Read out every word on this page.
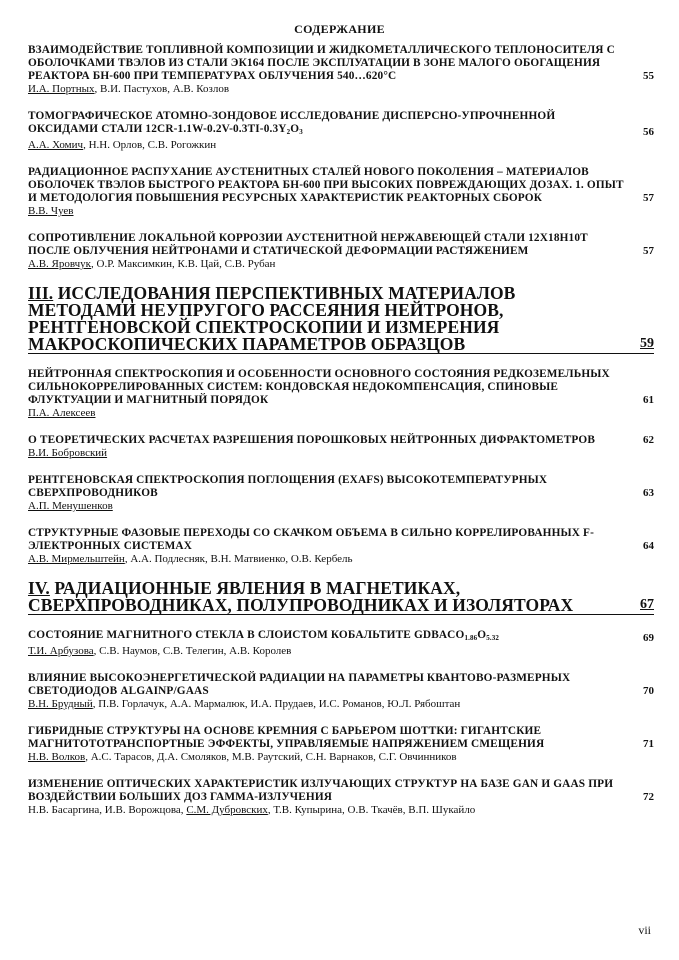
СОДЕРЖАНИЕ
ВЗАИМОДЕЙСТВИЕ ТОПЛИВНОЙ КОМПОЗИЦИИ И ЖИДКОМЕТАЛЛИЧЕСКОГО ТЕПЛОНОСИТЕЛЯ С ОБОЛОЧКАМИ ТВЭЛОВ ИЗ СТАЛИ ЭК164 ПОСЛЕ ЭКСПЛУАТАЦИИ В ЗОНЕ МАЛОГО ОБОГАЩЕНИЯ РЕАКТОРА БН-600 ПРИ ТЕМПЕРАТУРАХ ОБЛУЧЕНИЯ 540…620°С
И.А. Портных, В.И. Пастухов, А.В. Козлов
55
ТОМОГРАФИЧЕСКОЕ АТОМНО-ЗОНДОВОЕ ИССЛЕДОВАНИЕ ДИСПЕРСНО-УПРОЧНЕННОЙ ОКСИДАМИ СТАЛИ $12CR-1.1W-0.2V-0.3TI-0.3Y_2O_3$
А.А. Хомич, Н.Н. Орлов, С.В. Рогожкин
56
РАДИАЦИОННОЕ РАСПУХАНИЕ АУСТЕНИТНЫХ СТАЛЕЙ НОВОГО ПОКОЛЕНИЯ – МАТЕРИАЛОВ ОБОЛОЧЕК ТВЭЛОВ БЫСТРОГО РЕАКТОРА БН-600 ПРИ ВЫСОКИХ ПОВРЕЖДАЮЩИХ ДОЗАХ. 1. ОПЫТ И МЕТОДОЛОГИЯ ПОВЫШЕНИЯ РЕСУРСНЫХ ХАРАКТЕРИСТИК РЕАКТОРНЫХ СБОРОК
В.В. Чуев
57
СОПРОТИВЛЕНИЕ ЛОКАЛЬНОЙ КОРРОЗИИ АУСТЕНИТНОЙ НЕРЖАВЕЮЩЕЙ СТАЛИ 12Х18Н10Т ПОСЛЕ ОБЛУЧЕНИЯ НЕЙТРОНАМИ И СТАТИЧЕСКОЙ ДЕФОРМАЦИИ РАСТЯЖЕНИЕМ
А.В. Яровчук, О.Р. Максимкин, К.В. Цай, С.В. Рубан
57
III. ИССЛЕДОВАНИЯ ПЕРСПЕКТИВНЫХ МАТЕРИАЛОВ МЕТОДАМИ НЕУПРУГОГО РАССЕЯНИЯ НЕЙТРОНОВ, РЕНТГЕНОВСКОЙ СПЕКТРОСКОПИИ И ИЗМЕРЕНИЯ МАКРОСКОПИЧЕСКИХ ПАРАМЕТРОВ ОБРАЗЦОВ	59
НЕЙТРОННАЯ СПЕКТРОСКОПИЯ И ОСОБЕННОСТИ ОСНОВНОГО СОСТОЯНИЯ РЕДКОЗЕМЕЛЬНЫХ СИЛЬНОКОРРЕЛИРОВАННЫХ СИСТЕМ: КОНДОВСКАЯ НЕДОКОМПЕНСАЦИЯ, СПИНОВЫЕ ФЛУКТУАЦИИ И МАГНИТНЫЙ ПОРЯДОК
П.А. Алексеев
61
О ТЕОРЕТИЧЕСКИХ РАСЧЕТАХ РАЗРЕШЕНИЯ ПОРОШКОВЫХ НЕЙТРОННЫХ ДИФРАКТОМЕТРОВ
В.И. Бобровский
62
РЕНТГЕНОВСКАЯ СПЕКТРОСКОПИЯ ПОГЛОЩЕНИЯ (EXAFS) ВЫСОКОТЕМПЕРАТУРНЫХ СВЕРХПРОВОДНИКОВ
А.П. Менушенков
63
СТРУКТУРНЫЕ ФАЗОВЫЕ ПЕРЕХОДЫ СО СКАЧКОМ ОБЪЕМА В СИЛЬНО КОРРЕЛИРОВАННЫХ F-ЭЛЕКТРОННЫХ СИСТЕМАХ
А.В. Мирмельштейн, А.А. Подлесняк, В.Н. Матвиенко, О.В. Кербель
64
IV. РАДИАЦИОННЫЕ ЯВЛЕНИЯ В МАГНЕТИКАХ, СВЕРХПРОВОДНИКАХ, ПОЛУПРОВОДНИКАХ И ИЗОЛЯТОРАХ	67
СОСТОЯНИЕ МАГНИТНОГО СТЕКЛА В СЛОИСТОМ КОБАЛЬТИТЕ $GDBACO_{1.86}O_{5.32}$
Т.И. Арбузова, С.В. Наумов, С.В. Телегин, А.В. Королев
69
ВЛИЯНИЕ ВЫСОКОЭНЕРГЕТИЧЕСКОЙ РАДИАЦИИ НА ПАРАМЕТРЫ КВАНТОВО-РАЗМЕРНЫХ СВЕТОДИОДОВ ALGAINP/GAAS
В.Н. Брудный, П.В. Горлачук, А.А. Мармалюк, И.А. Прудаев, И.С. Романов, Ю.Л. Рябоштан
70
ГИБРИДНЫЕ СТРУКТУРЫ НА ОСНОВЕ КРЕМНИЯ С БАРЬЕРОМ ШОТТКИ: ГИГАНТСКИЕ МАГНИТОТОТРАНСПОРТНЫЕ ЭФФЕКТЫ, УПРАВЛЯЕМЫЕ НАПРЯЖЕНИЕМ СМЕЩЕНИЯ
Н.В. Волков, А.С. Тарасов, Д.А. Смоляков, М.В. Раутский, С.Н. Варнаков, С.Г. Овчинников
71
ИЗМЕНЕНИЕ ОПТИЧЕСКИХ ХАРАКТЕРИСТИК ИЗЛУЧАЮЩИХ СТРУКТУР НА БАЗЕ GAN И GAAS ПРИ ВОЗДЕЙСТВИИ БОЛЬШИХ ДОЗ ГАММА-ИЗЛУЧЕНИЯ
Н.В. Басаргина, И.В. Ворожцова, С.М. Дубровских, Т.В. Купырина, О.В. Ткачёв, В.П. Шукайло
72
vii
